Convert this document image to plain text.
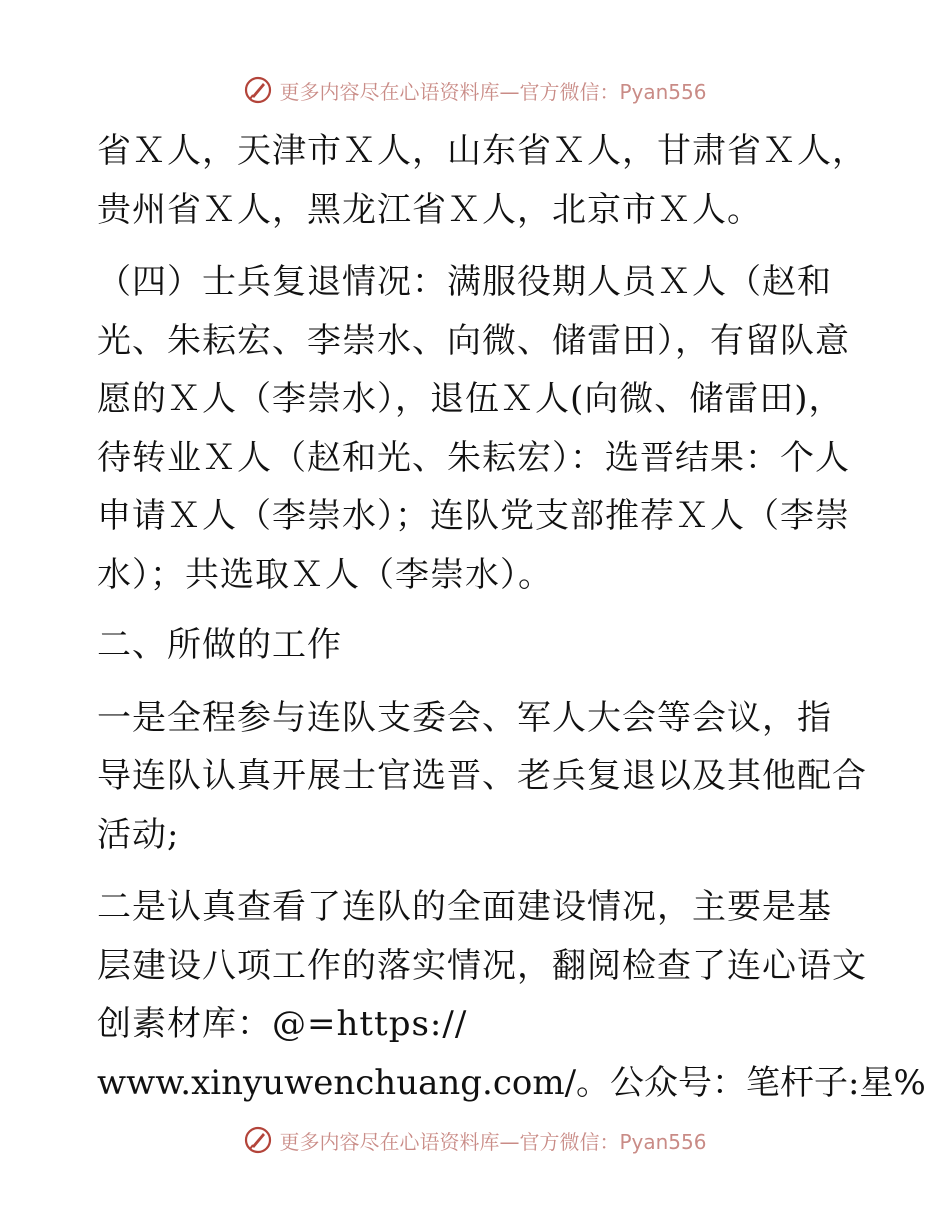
更多内容尽在心语资料库—官方微信：Pyan556
省Ｘ人，天津市Ｘ人，山东省Ｘ人，甘肃省Ｘ人，
贵州省Ｘ人，黑龙江省Ｘ人，北京市Ｘ人。
（四）士兵复退情况：满服役期人员Ｘ人（赵和
光、朱耘宏、李崇水、向微、储雷田），有留队意
愿的Ｘ人（李崇水），退伍Ｘ人(向微、储雷田)，
待转业Ｘ人（赵和光、朱耘宏）：选晋结果：个人
申请Ｘ人（李崇水）；连队党支部推荐Ｘ人（李崇
水）；共选取Ｘ人（李崇水）。
二、所做的工作
一是全程参与连队支委会、军人大会等会议，指
导连队认真开展士官选晋、老兵复退以及其他配合
活动;
二是认真查看了连队的全面建设情况，主要是基
层建设八项工作的落实情况，翻阅检查了连心语文
创素材库：@=https://
www.xinyuwenchuang.com/。公众号：笔杆子:星%
更多内容尽在心语资料库—官方微信：Pyan556
